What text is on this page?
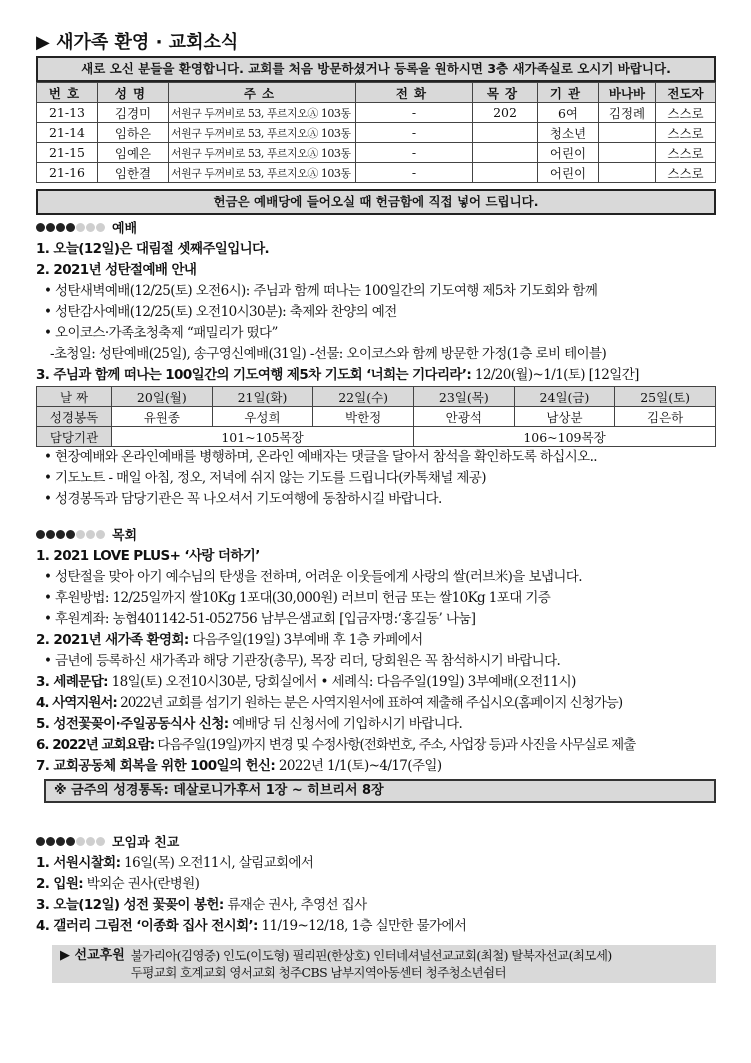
▶ 새가족 환영 · 교회소식
새로 오신 분들을 환영합니다. 교회를 처음 방문하셨거나 등록을 원하시면 3층 새가족실로 오시기 바랍니다.
번호	성명	주소	전화	목장	기관	바나바	전도자
21-13	김경미	서원구 두꺼비로 53, 푸르지오Ⓐ 103동	-	202	6여	김정례	스스로
21-14	임하은	서원구 두꺼비로 53, 푸르지오Ⓐ 103동	-		청소년		스스로
21-15	임예은	서원구 두꺼비로 53, 푸르지오Ⓐ 103동	-		어린이		스스로
21-16	임한결	서원구 두꺼비로 53, 푸르지오Ⓐ 103동	-		어린이		스스로
헌금은 예배당에 들어오실 때 헌금함에 직접 넣어 드립니다.
예배
1. 오늘(12일)은 대림절 셋째주일입니다.
2. 2021년 성탄절예배 안내
• 성탄새벽예배(12/25(토) 오전6시): 주님과 함께 떠나는 100일간의 기도여행 제5차 기도회와 함께
• 성탄감사예배(12/25(토) 오전10시30분): 축제와 찬양의 예전
• 오이코스·가족초청축제 “패밀리가 떴다”
-초청일: 성탄예배(25일), 송구영신예배(31일) -선물: 오이코스와 함께 방문한 가정(1층 로비 테이블)
3. 주님과 함께 떠나는 100일간의 기도여행 제5차 기도회 ‘너희는 기다리라’: 12/20(월)~1/1(토) [12일간]
날 짜	20일(월)	21일(화)	22일(수)	23일(목)	24일(금)	25일(토)
성경봉독	유원종	우성희	박한정	안광석	남상분	김은하
담당기관	101~105목장			106~109목장		
• 현장예배와 온라인예배를 병행하며, 온라인 예배자는 댓글을 달아서 참석을 확인하도록 하십시오..
• 기도노트 - 매일 아침, 정오, 저녁에 쉬지 않는 기도를 드립니다(카톡채널 제공)
• 성경봉독과 담당기관은 꼭 나오셔서 기도여행에 동참하시길 바랍니다.
목회
1. 2021 LOVE PLUS+ ‘사랑 더하기’
• 성탄절을 맞아 아기 예수님의 탄생을 전하며, 어려운 이웃들에게 사랑의 쌀(러브米)을 보냅니다.
• 후원방법: 12/25일까지 쌀10Kg 1포대(30,000원) 러브미 헌금 또는 쌀10Kg 1포대 기증
• 후원계좌: 농협401142-51-052756 남부은샘교회 [입금자명:‘홍길동’ 나눔]
2. 2021년 새가족 환영회: 다음주일(19일) 3부예배 후 1층 카페에서
• 금년에 등록하신 새가족과 해당 기관장(총무), 목장 리더, 당회원은 꼭 참석하시기 바랍니다.
3. 세례문답: 18일(토) 오전10시30분, 당회실에서 • 세례식: 다음주일(19일) 3부예배(오전11시)
4. 사역지원서: 2022년 교회를 섬기기 원하는 분은 사역지원서에 표하여 제출해 주십시오(홈페이지 신청가능)
5. 성전꽃꽂이·주일공동식사 신청: 예배당 뒤 신청서에 기입하시기 바랍니다.
6. 2022년 교회요람: 다음주일(19일)까지 변경 및 수정사항(전화번호, 주소, 사업장 등)과 사진을 사무실로 제출
7. 교회공동체 회복을 위한 100일의 헌신: 2022년 1/1(토)~4/17(주일)
※ 금주의 성경통독: 데살로니가후서 1장 ~ 히브리서 8장
모임과 친교
1. 서원시찰회: 16일(목) 오전11시, 살림교회에서
2. 입원: 박외순 권사(란병원)
3. 오늘(12일) 성전 꽃꽂이 봉헌: 류재순 권사, 추영선 집사
4. 갤러리 그림전 ‘이종화 집사 전시회’: 11/19~12/18, 1층 실만한 물가에서
▶ 선교후원 불가리아(김영중) 인도(이도형) 필리핀(한상호) 인터네셔널선교교회(최철) 탈북자선교(최모세)
두평교회 호계교회 영서교회 청주CBS 남부지역아동센터 청주청소년쉼터
